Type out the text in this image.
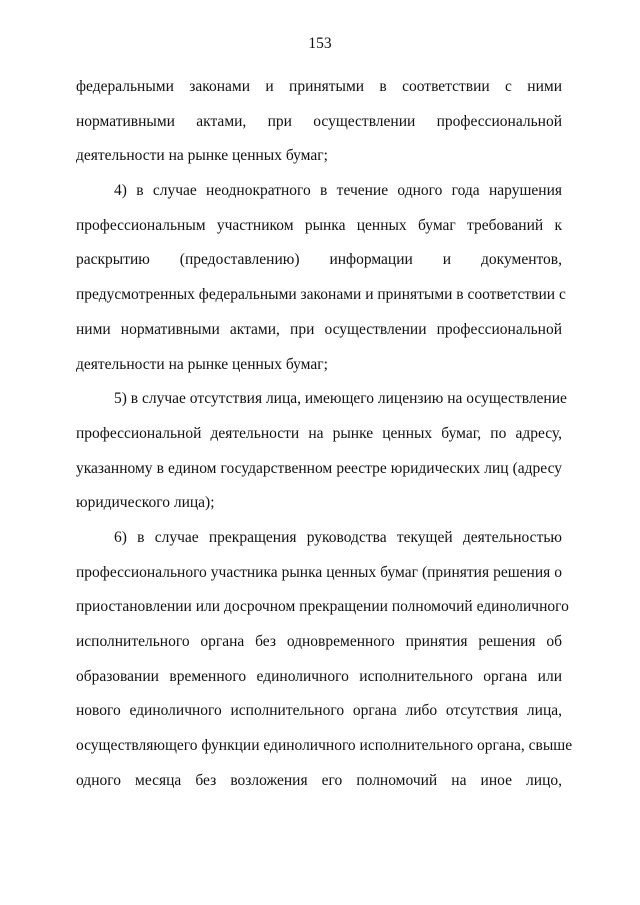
153
федеральными законами и принятыми в соответствии с ними
нормативными актами, при осуществлении профессиональной
деятельности на рынке ценных бумаг;
4) в случае неоднократного в течение одного года нарушения
профессиональным участником рынка ценных бумаг требований к
раскрытию (предоставлению) информации и документов,
предусмотренных федеральными законами и принятыми в соответствии с
ними нормативными актами, при осуществлении профессиональной
деятельности на рынке ценных бумаг;
5) в случае отсутствия лица, имеющего лицензию на осуществление
профессиональной деятельности на рынке ценных бумаг, по адресу,
указанному в едином государственном реестре юридических лиц (адресу
юридического лица);
6) в случае прекращения руководства текущей деятельностью
профессионального участника рынка ценных бумаг (принятия решения о
приостановлении или досрочном прекращении полномочий единоличного
исполнительного органа без одновременного принятия решения об
образовании временного единоличного исполнительного органа или
нового единоличного исполнительного органа либо отсутствия лица,
осуществляющего функции единоличного исполнительного органа, свыше
одного месяца без возложения его полномочий на иное лицо,
